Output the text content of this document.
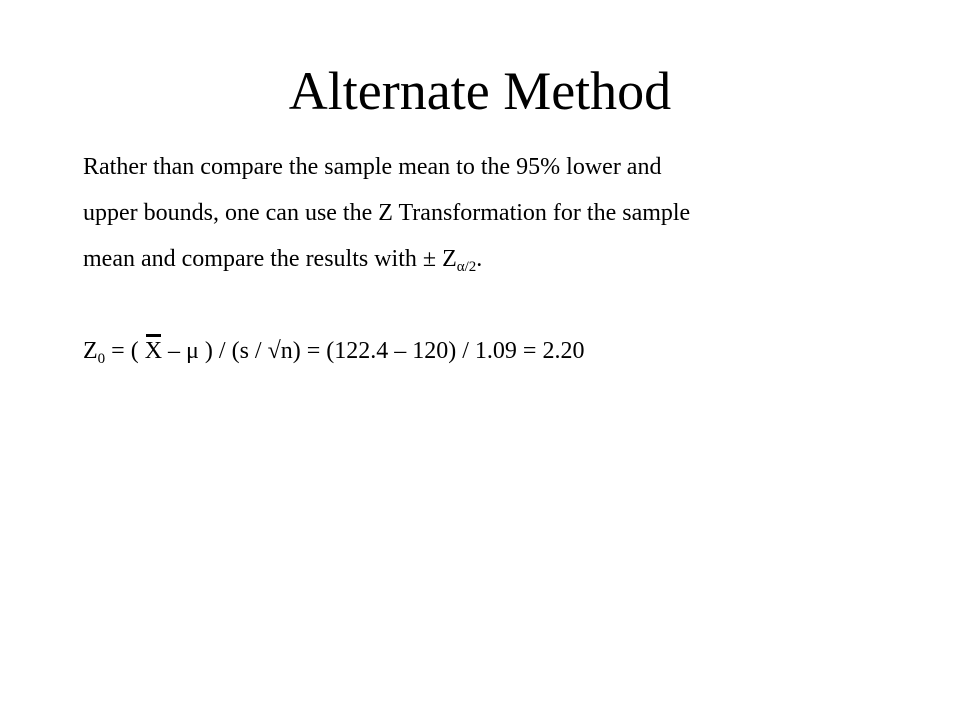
Alternate Method

Rather than compare the sample mean to the 95% lower and

upper bounds, one can use the Z Transformation for the sample

mean and compare the results with ± $Z_{\alpha/2}$.

$Z_0$ = ( X – μ ) / (s / √n) = (122.4 – 120) / 1.09 = 2.20
